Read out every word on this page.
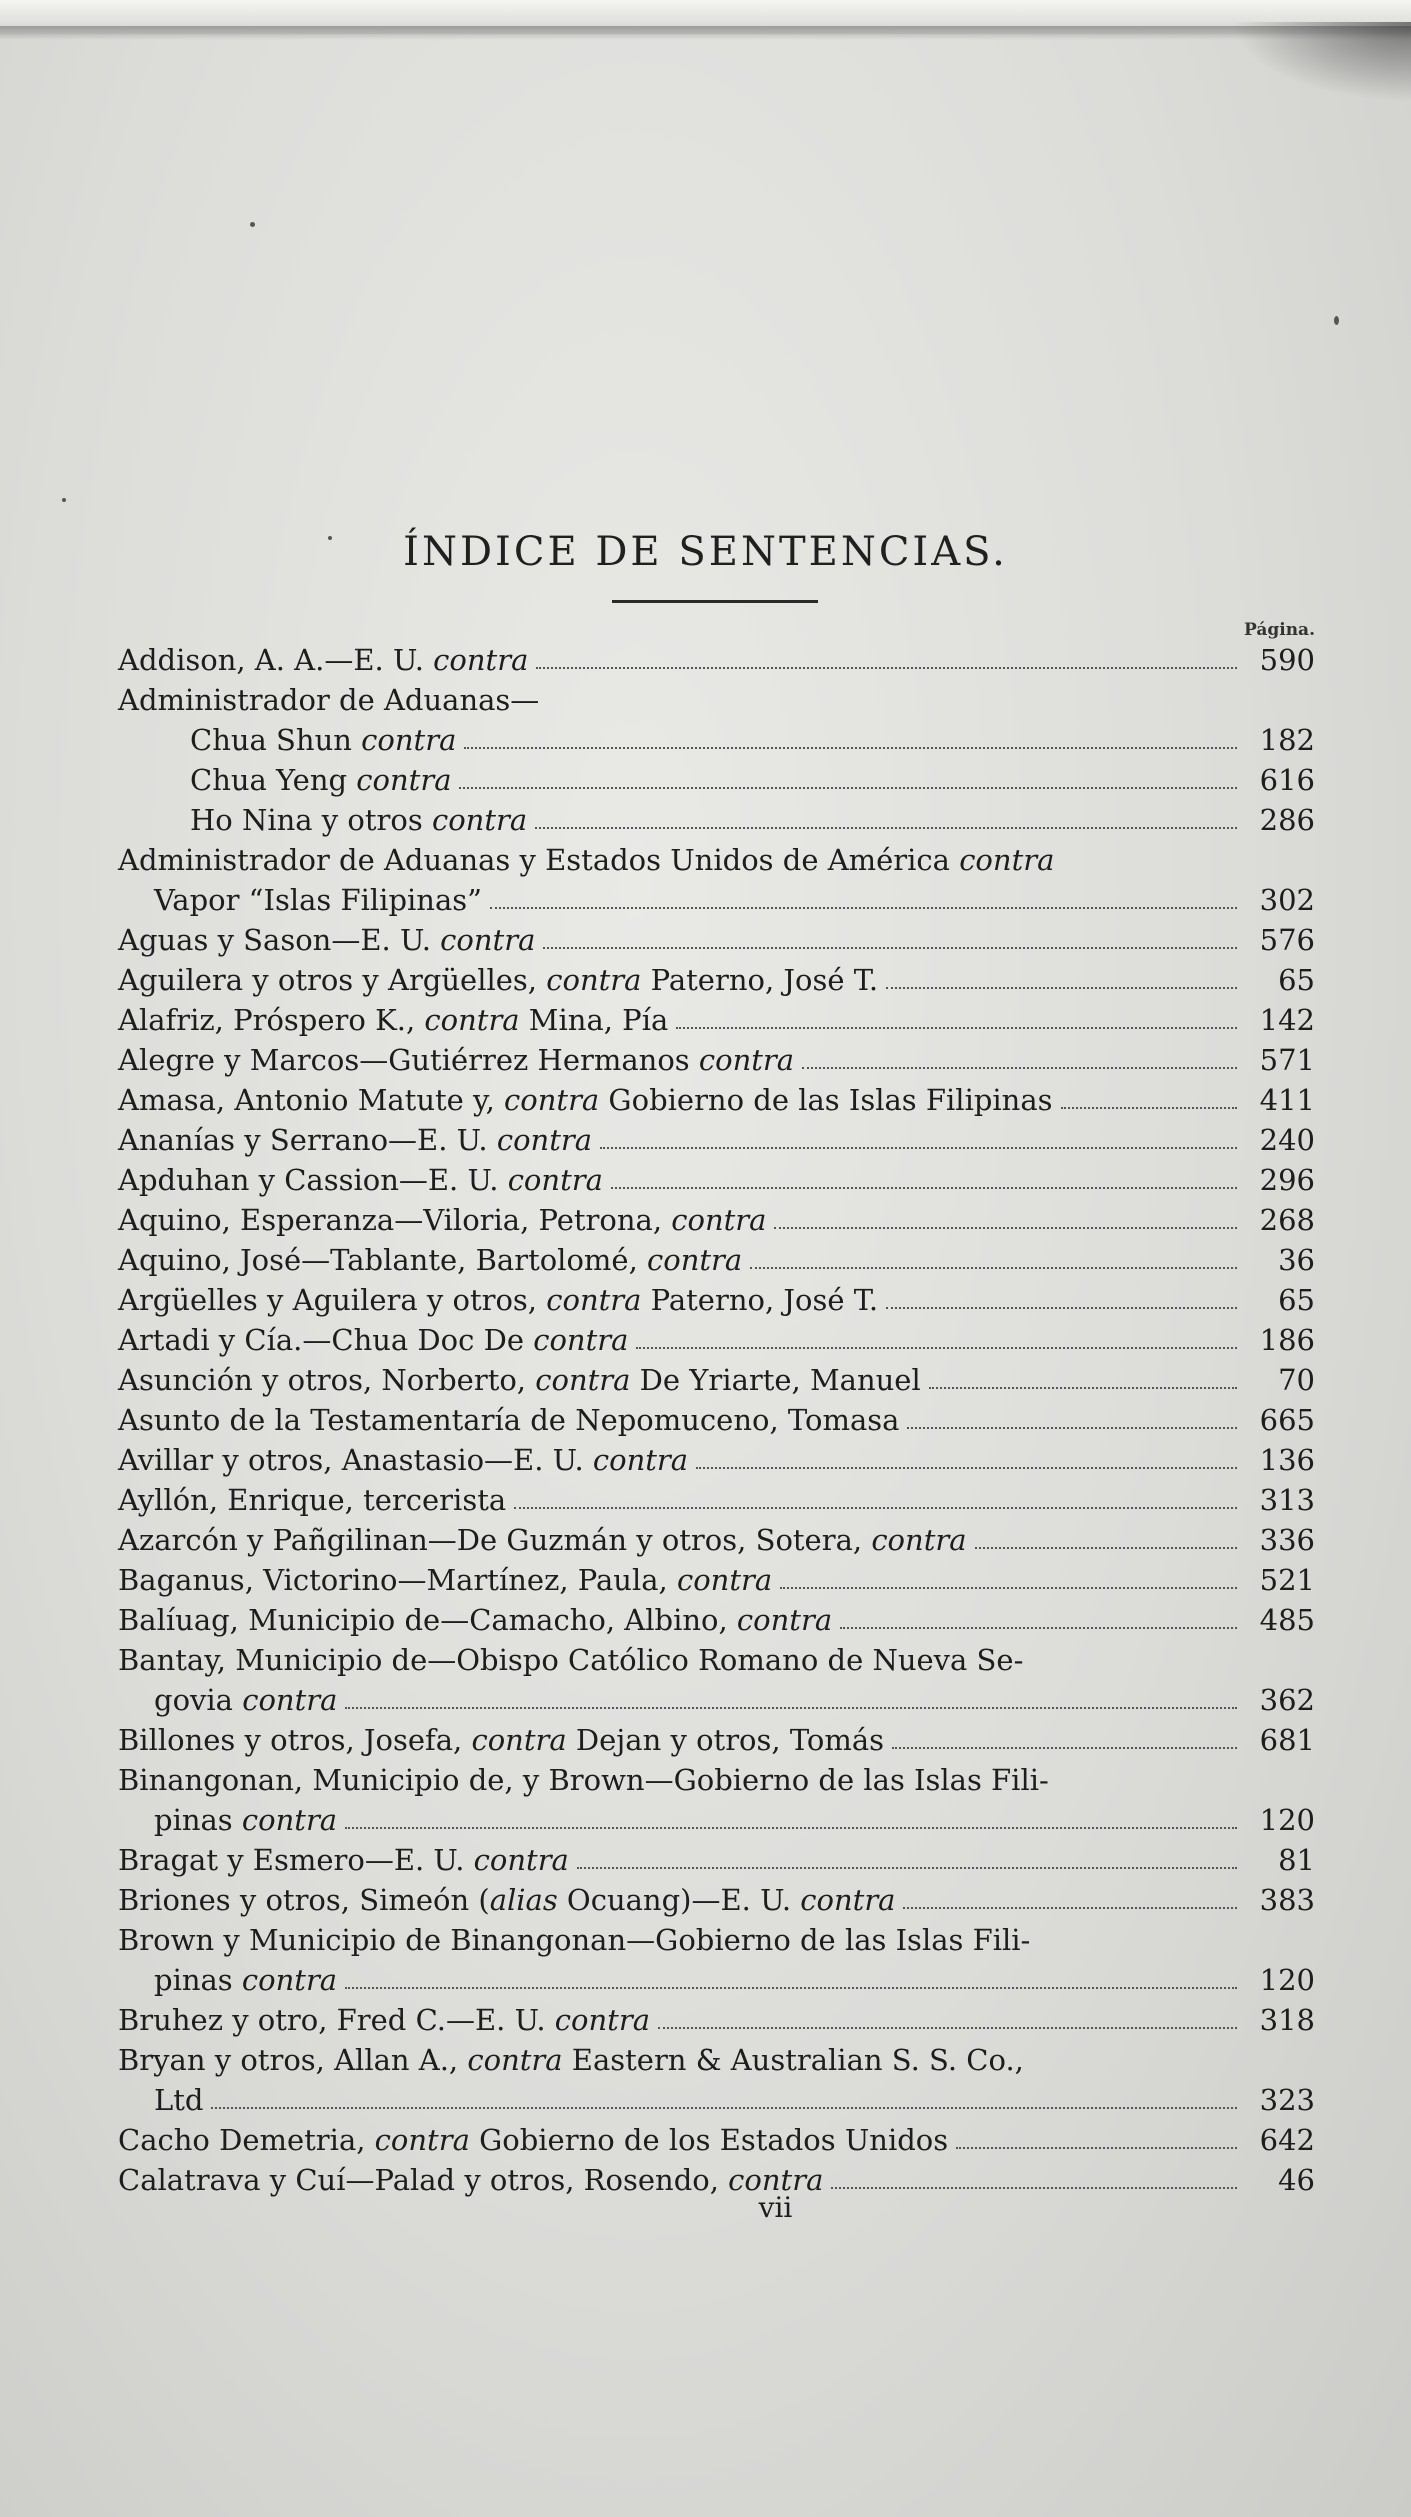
ÍNDICE DE SENTENCIAS.
Página.
Addison, A. A.—E. U. contra	590
Administrador de Aduanas—
Chua Shun contra	182
Chua Yeng contra	616
Ho Nina y otros contra	286
Administrador de Aduanas y Estados Unidos de América contra
Vapor “Islas Filipinas”	302
Aguas y Sason—E. U. contra	576
Aguilera y otros y Argüelles, contra Paterno, José T.	65
Alafriz, Próspero K., contra Mina, Pía	142
Alegre y Marcos—Gutiérrez Hermanos contra	571
Amasa, Antonio Matute y, contra Gobierno de las Islas Filipinas	411
Ananías y Serrano—E. U. contra	240
Apduhan y Cassion—E. U. contra	296
Aquino, Esperanza—Viloria, Petrona, contra	268
Aquino, José—Tablante, Bartolomé, contra	36
Argüelles y Aguilera y otros, contra Paterno, José T.	65
Artadi y Cía.—Chua Doc De contra	186
Asunción y otros, Norberto, contra De Yriarte, Manuel	70
Asunto de la Testamentaría de Nepomuceno, Tomasa	665
Avillar y otros, Anastasio—E. U. contra	136
Ayllón, Enrique, tercerista	313
Azarcón y Pañgilinan—De Guzmán y otros, Sotera, contra	336
Baganus, Victorino—Martínez, Paula, contra	521
Balíuag, Municipio de—Camacho, Albino, contra	485
Bantay, Municipio de—Obispo Católico Romano de Nueva Se-
govia contra	362
Billones y otros, Josefa, contra Dejan y otros, Tomás	681
Binangonan, Municipio de, y Brown—Gobierno de las Islas Fili-
pinas contra	120
Bragat y Esmero—E. U. contra	81
Briones y otros, Simeón ( alias Ocuang)—E. U. contra	383
Brown y Municipio de Binangonan—Gobierno de las Islas Fili-
pinas contra	120
Bruhez y otro, Fred C.—E. U. contra	318
Bryan y otros, Allan A., contra Eastern & Australian S. S. Co.,
Ltd	323
Cacho Demetria, contra Gobierno de los Estados Unidos	642
Calatrava y Cuí—Palad y otros, Rosendo, contra	46
vii
